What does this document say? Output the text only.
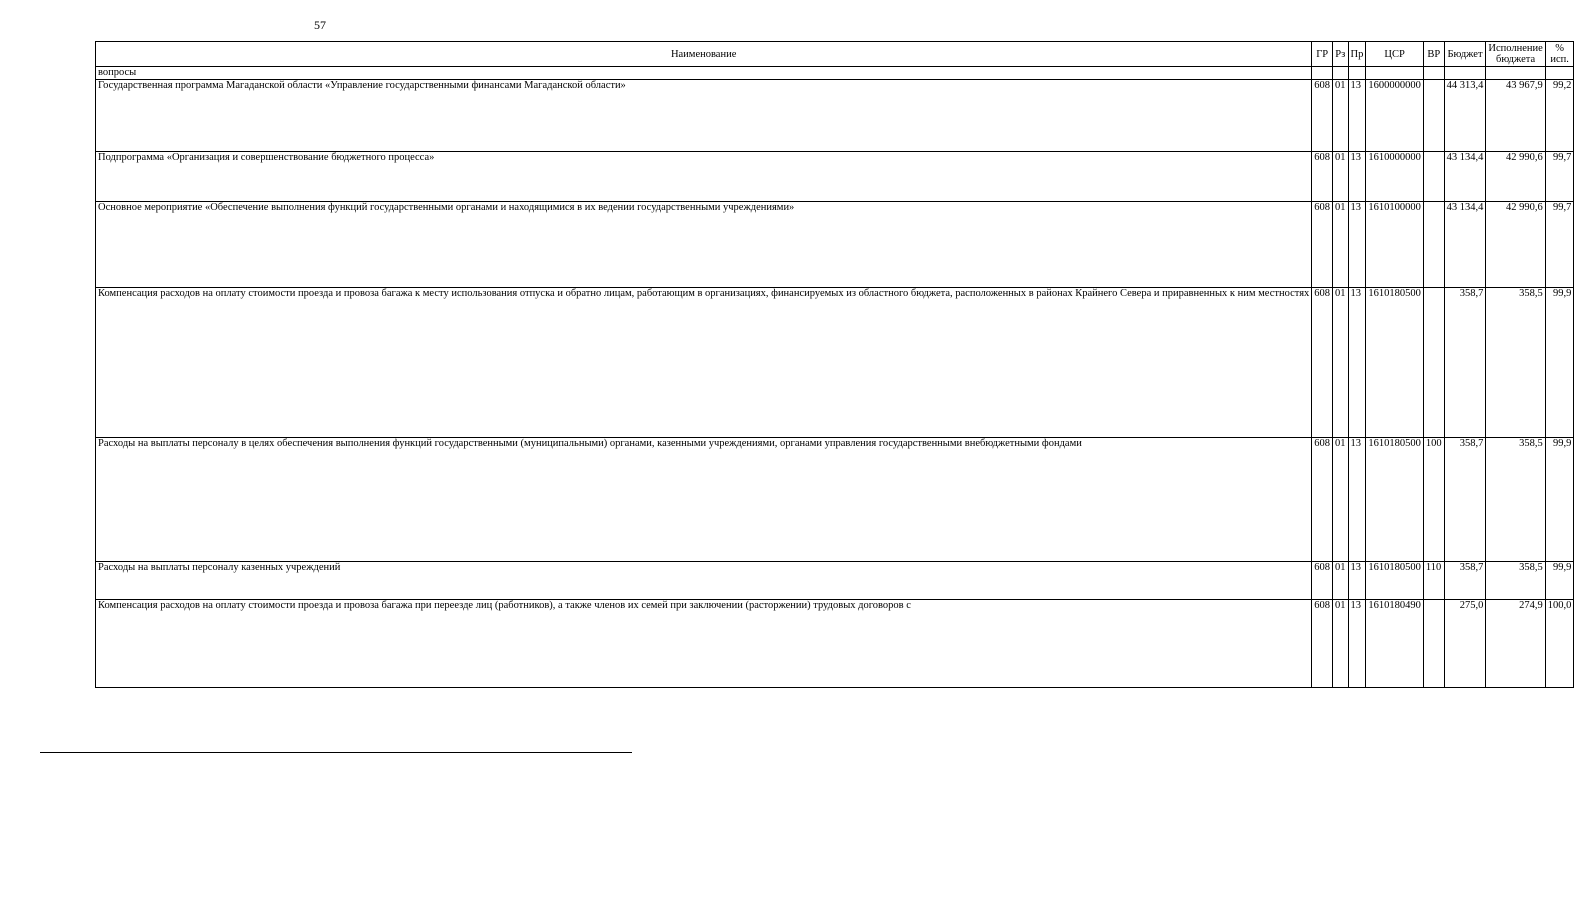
57
Наименование	ГР	Рз	Пр	ЦСР	ВР	Бюджет	Исполнение бюджета	% исп.
вопросы								
Государственная программа Магаданской области «Управление государственными финансами Магаданской области»	608	01	13	1600000000		44 313,4	43 967,9	99,2
Подпрограмма «Организация и совершенствование бюджетного процесса»	608	01	13	1610000000		43 134,4	42 990,6	99,7
Основное мероприятие «Обеспечение выполнения функций государственными органами и находящимися в их ведении государственными учреждениями»	608	01	13	1610100000		43 134,4	42 990,6	99,7
Компенсация расходов на оплату стоимости проезда и провоза багажа к месту использования отпуска и обратно лицам, работающим в организациях, финансируемых из областного бюджета, расположенных в районах Крайнего Севера и приравненных к ним местностях	608	01	13	1610180500		358,7	358,5	99,9
Расходы на выплаты персоналу в целях обеспечения выполнения функций государственными (муниципальными) органами, казенными учреждениями, органами управления государственными внебюджетными фондами	608	01	13	1610180500	100	358,7	358,5	99,9
Расходы на выплаты персоналу казенных учреждений	608	01	13	1610180500	110	358,7	358,5	99,9
Компенсация расходов на оплату стоимости проезда и провоза багажа при переезде лиц (работников), а также членов их семей при заключении (расторжении) трудовых договоров с	608	01	13	1610180490		275,0	274,9	100,0
